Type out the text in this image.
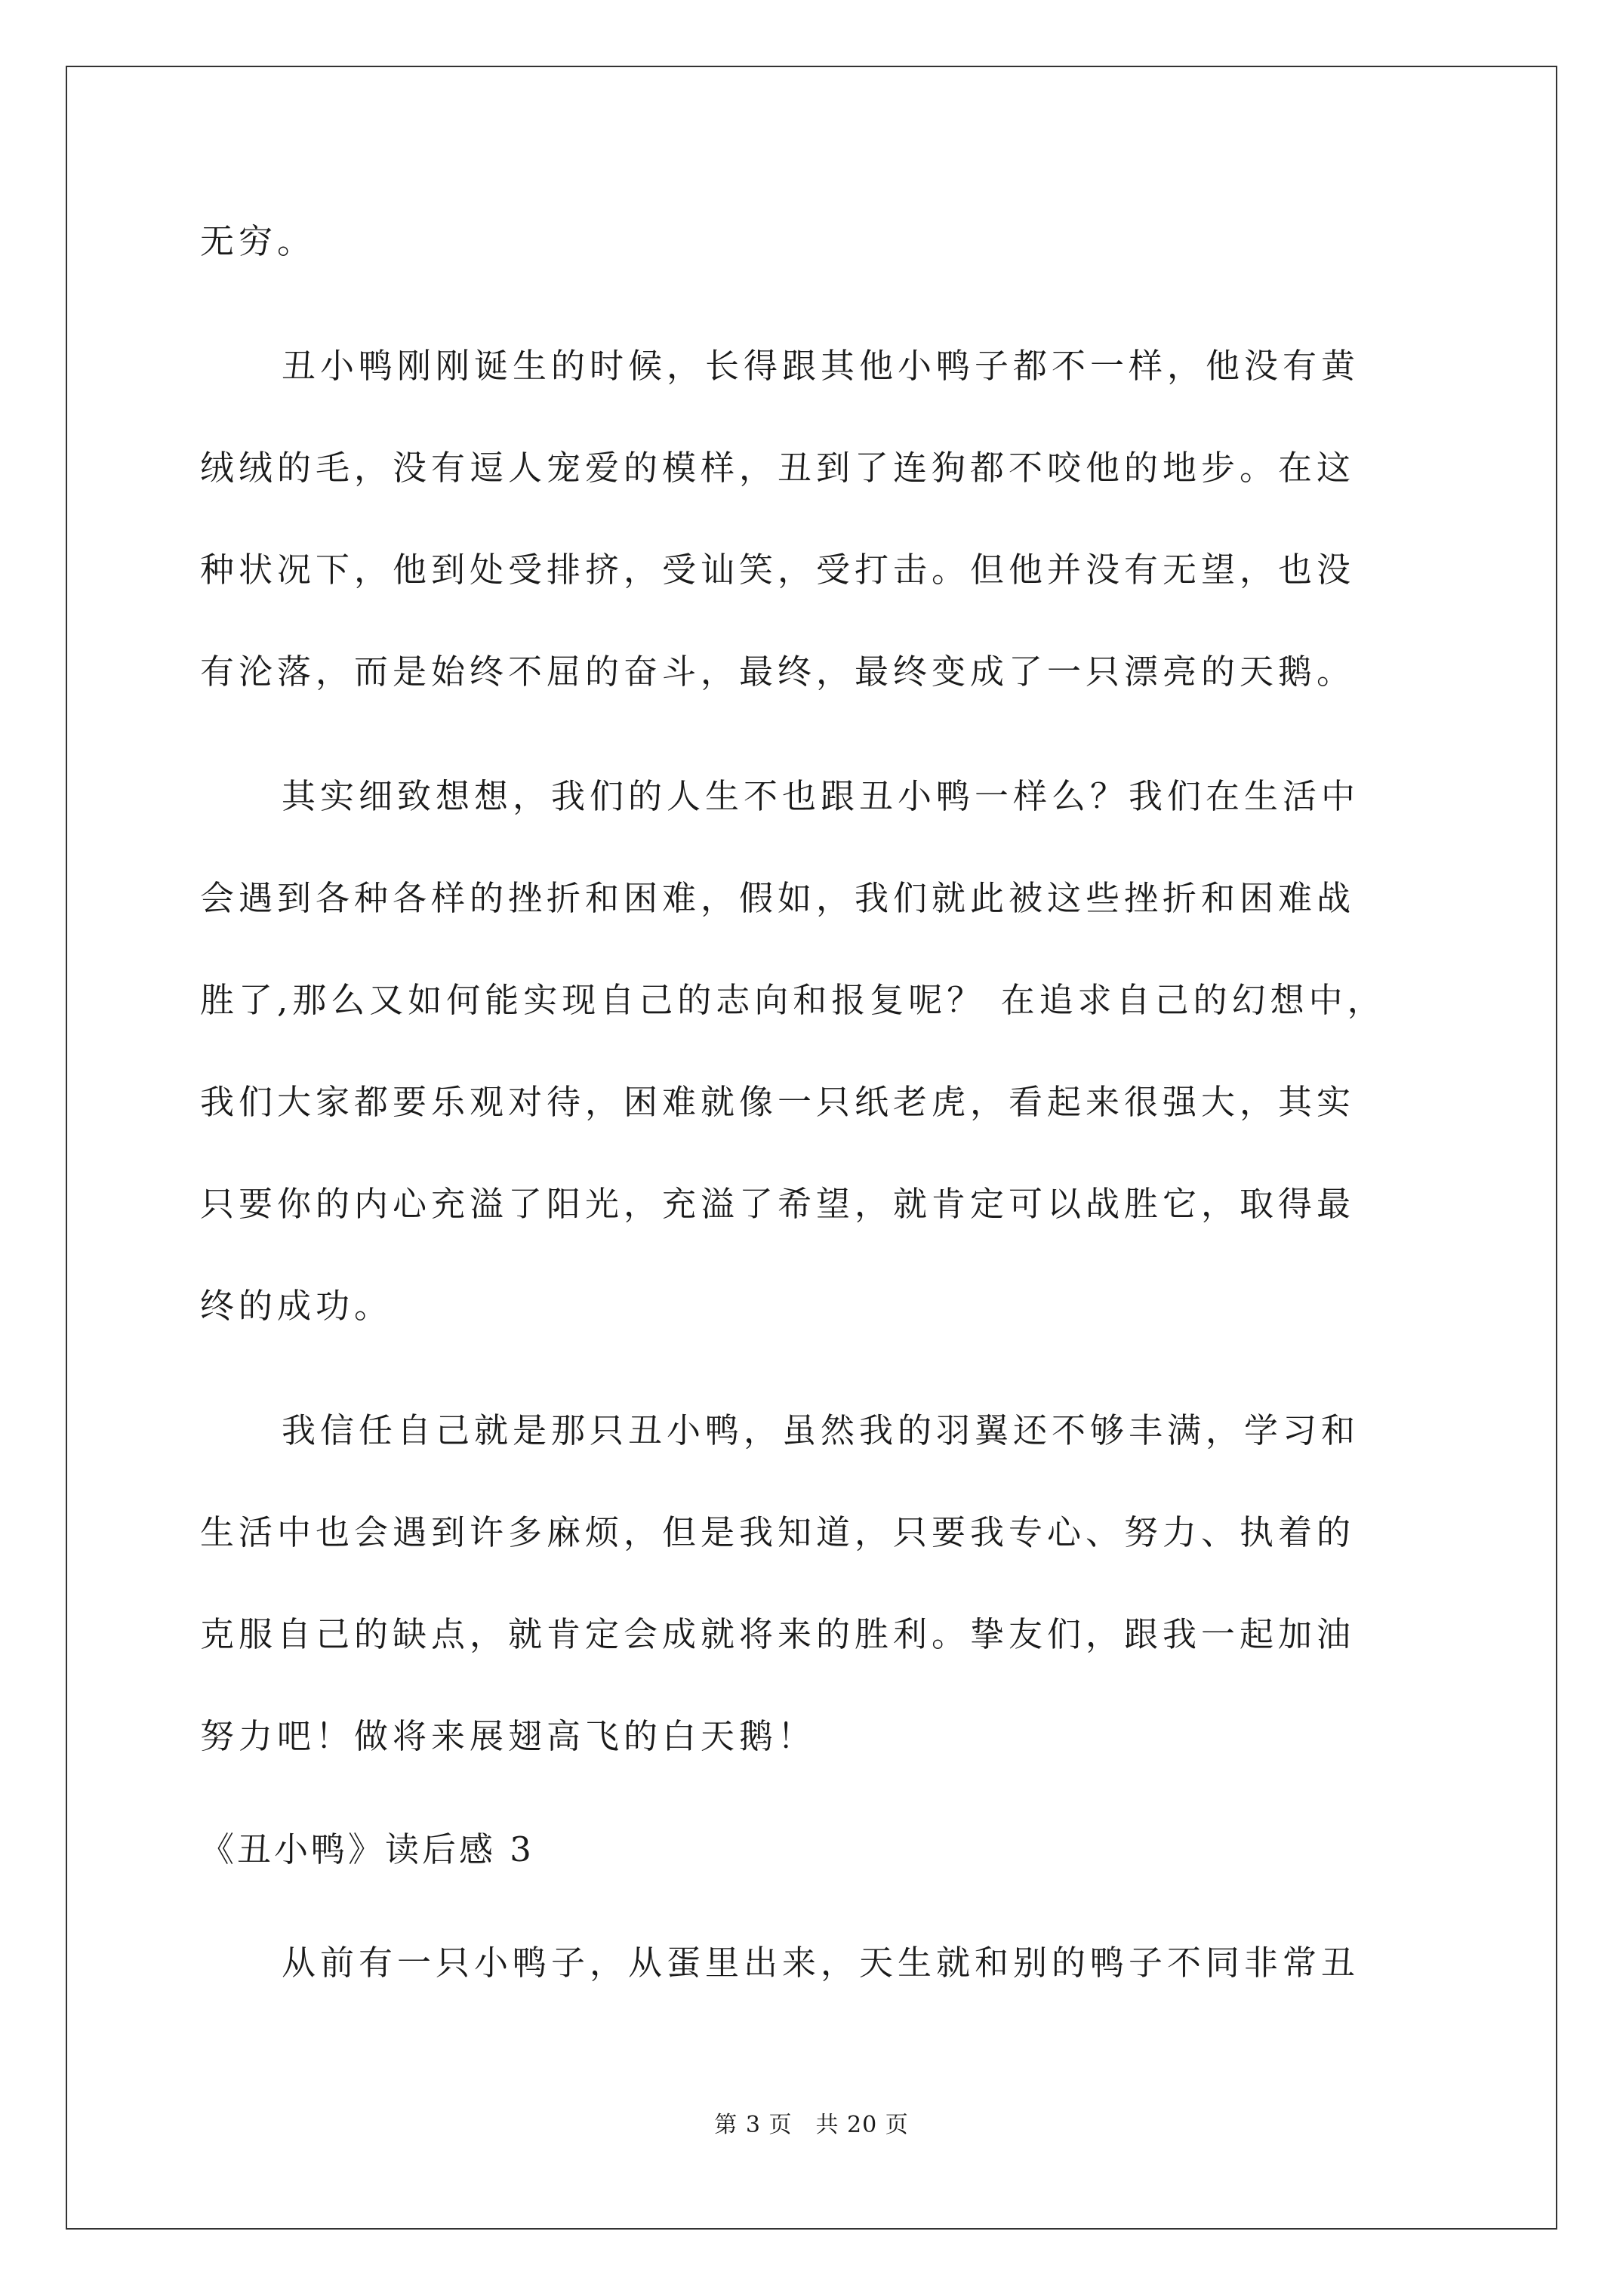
无穷。
丑小鸭刚刚诞生的时候，长得跟其他小鸭子都不一样，他没有黄
绒绒的毛，没有逗人宠爱的模样，丑到了连狗都不咬他的地步。在这
种状况下，他到处受排挤，受讪笑，受打击。但他并没有无望，也没
有沦落，而是始终不屈的奋斗，最终，最终变成了一只漂亮的天鹅。
其实细致想想，我们的人生不也跟丑小鸭一样么？我们在生活中
会遇到各种各样的挫折和困难，假如，我们就此被这些挫折和困难战
胜了,那么又如何能实现自己的志向和报复呢？ 在追求自己的幻想中，
我们大家都要乐观对待，困难就像一只纸老虎，看起来很强大，其实
只要你的内心充溢了阳光，充溢了希望，就肯定可以战胜它，取得最
终的成功。
我信任自己就是那只丑小鸭，虽然我的羽翼还不够丰满，学习和
生活中也会遇到许多麻烦，但是我知道，只要我专心、努力、执着的
克服自己的缺点，就肯定会成就将来的胜利。挚友们，跟我一起加油
努力吧！做将来展翅高飞的白天鹅！
《丑小鸭》读后感 3
从前有一只小鸭子，从蛋里出来，天生就和别的鸭子不同非常丑
第 3 页　共 20 页
